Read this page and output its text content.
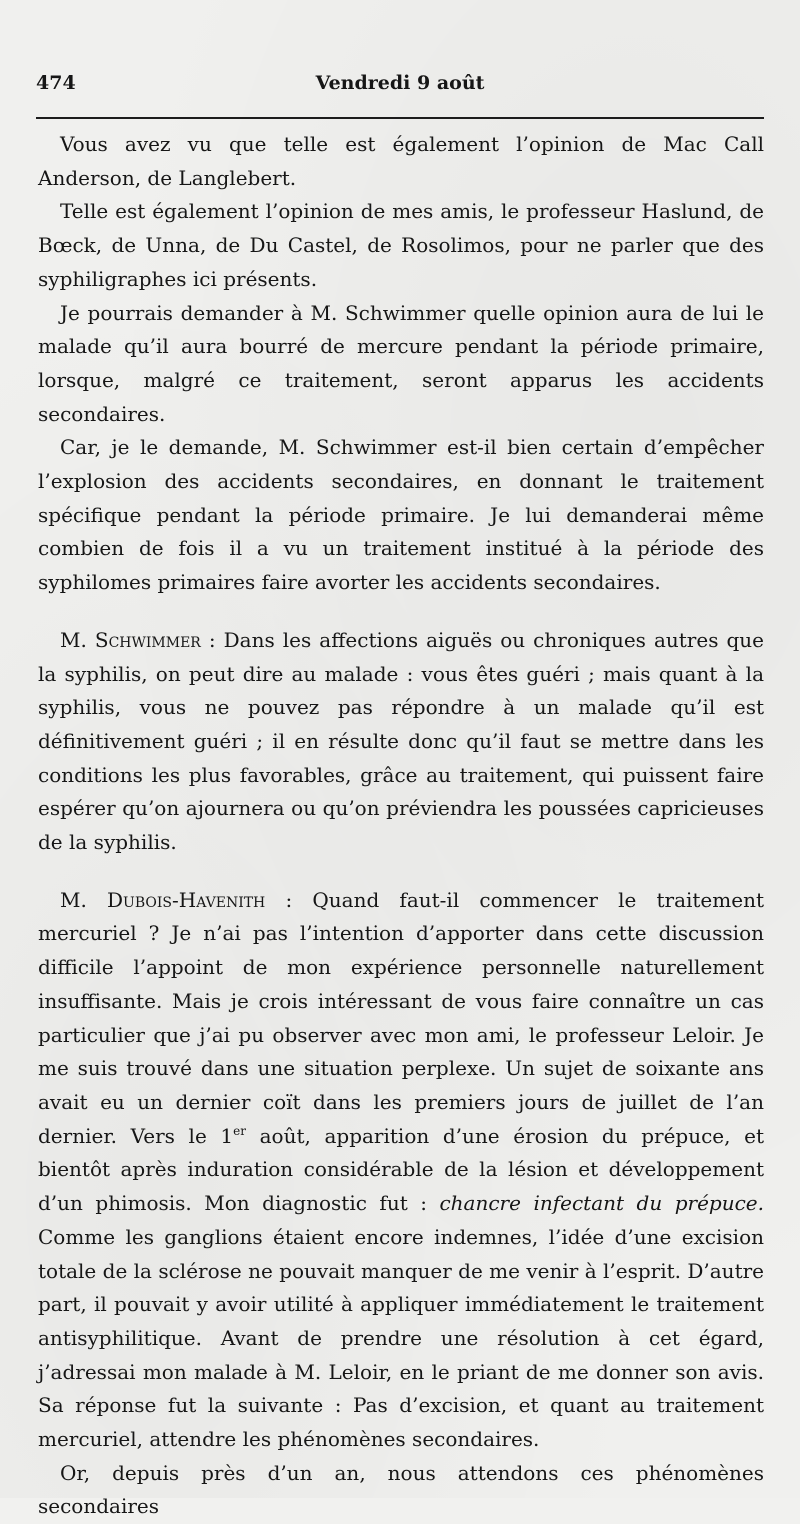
474	Vendredi 9 août

Vous avez vu que telle est également l’opinion de Mac Call Anderson, de Langlebert.

Telle est également l’opinion de mes amis, le professeur Haslund, de Bœck, de Unna, de Du Castel, de Rosolimos, pour ne parler que des syphiligraphes ici présents.

Je pourrais demander à M. Schwimmer quelle opinion aura de lui le malade qu’il aura bourré de mercure pendant la période primaire, lorsque, malgré ce traitement, seront apparus les accidents secondaires.

Car, je le demande, M. Schwimmer est-il bien certain d’empêcher l’explosion des accidents secondaires, en donnant le traitement spécifique pendant la période primaire. Je lui demanderai même combien de fois il a vu un traitement institué à la période des syphilomes primaires faire avorter les accidents secondaires.

M. Schwimmer : Dans les affections aiguës ou chroniques autres que la syphilis, on peut dire au malade : vous êtes guéri ; mais quant à la syphilis, vous ne pouvez pas répondre à un malade qu’il est définitivement guéri ; il en résulte donc qu’il faut se mettre dans les conditions les plus favorables, grâce au traitement, qui puissent faire espérer qu’on ajournera ou qu’on préviendra les poussées capricieuses de la syphilis.

M. Dubois-Havenith : Quand faut-il commencer le traitement mercuriel ? Je n’ai pas l’intention d’apporter dans cette discussion difficile l’appoint de mon expérience personnelle naturellement insuffisante. Mais je crois intéressant de vous faire connaître un cas particulier que j’ai pu observer avec mon ami, le professeur Leloir. Je me suis trouvé dans une situation perplexe. Un sujet de soixante ans avait eu un dernier coït dans les premiers jours de juillet de l’an dernier. Vers le 1er août, apparition d’une érosion du prépuce, et bientôt après induration considérable de la lésion et développement d’un phimosis. Mon diagnostic fut : chancre infectant du prépuce. Comme les ganglions étaient encore indemnes, l’idée d’une excision totale de la sclérose ne pouvait manquer de me venir à l’esprit. D’autre part, il pouvait y avoir utilité à appliquer immédiatement le traitement antisyphilitique. Avant de prendre une résolution à cet égard, j’adressai mon malade à M. Leloir, en le priant de me donner son avis. Sa réponse fut la suivante : Pas d’excision, et quant au traitement mercuriel, attendre les phénomènes secondaires.

Or, depuis près d’un an, nous attendons ces phénomènes secondaires
